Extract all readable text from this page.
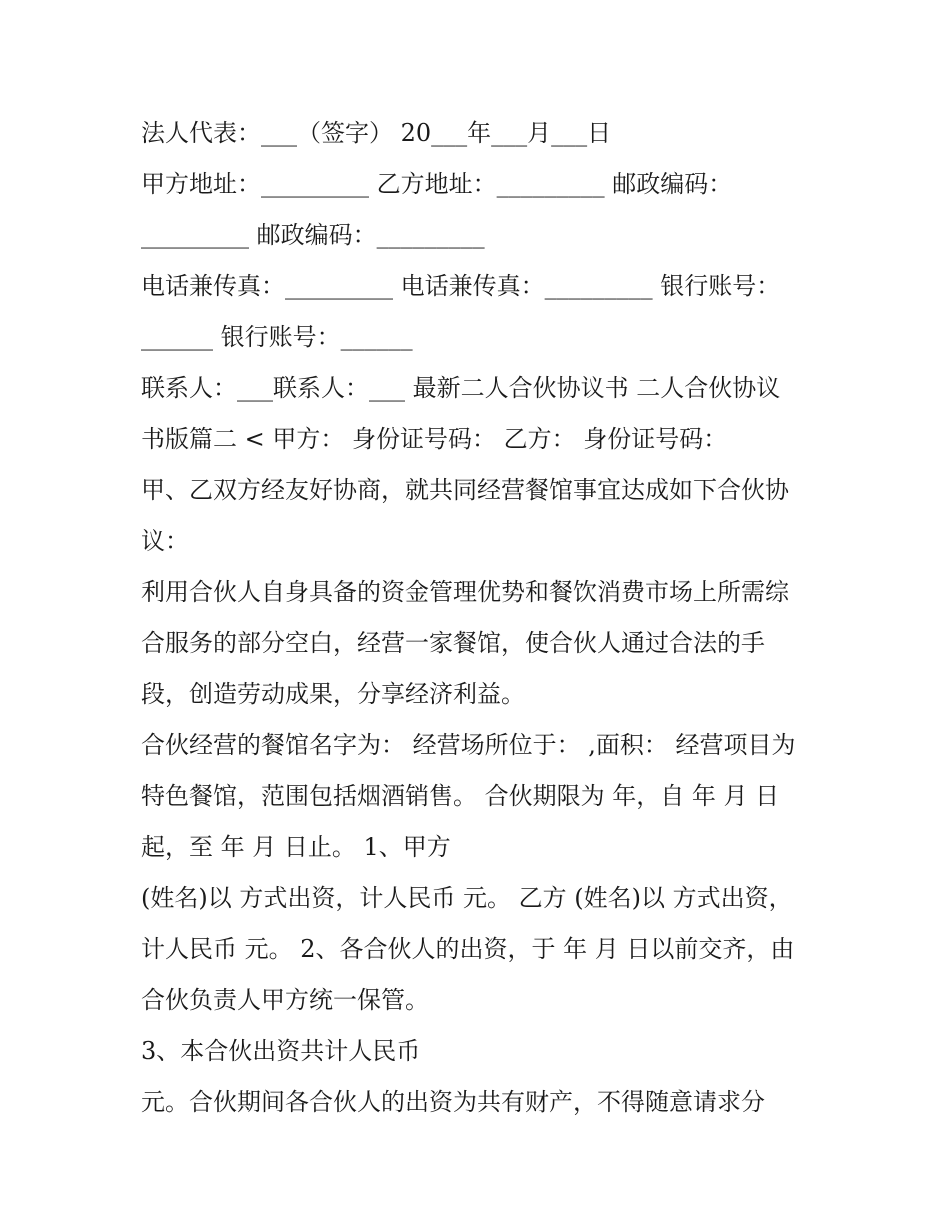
法人代表：___（签字） 20___年___月___日
甲方地址：_________ 乙方地址：_________ 邮政编码：
_________ 邮政编码：_________
电话兼传真：_________ 电话兼传真：_________ 银行账号：
______ 银行账号：______
联系人：___联系人：___ 最新二人合伙协议书 二人合伙协议
书版篇二 < 甲方： 身份证号码： 乙方： 身份证号码：
甲、乙双方经友好协商，就共同经营餐馆事宜达成如下合伙协
议：
利用合伙人自身具备的资金管理优势和餐饮消费市场上所需综
合服务的部分空白，经营一家餐馆，使合伙人通过合法的手
段，创造劳动成果，分享经济利益。
合伙经营的餐馆名字为： 经营场所位于： ,面积： 经营项目为
特色餐馆，范围包括烟酒销售。 合伙期限为 年，自 年 月 日
起，至 年 月 日止。 1、甲方
(姓名)以 方式出资，计人民币 元。 乙方 (姓名)以 方式出资，
计人民币 元。 2、各合伙人的出资，于 年 月 日以前交齐，由
合伙负责人甲方统一保管。
3、本合伙出资共计人民币
元。合伙期间各合伙人的出资为共有财产，不得随意请求分
